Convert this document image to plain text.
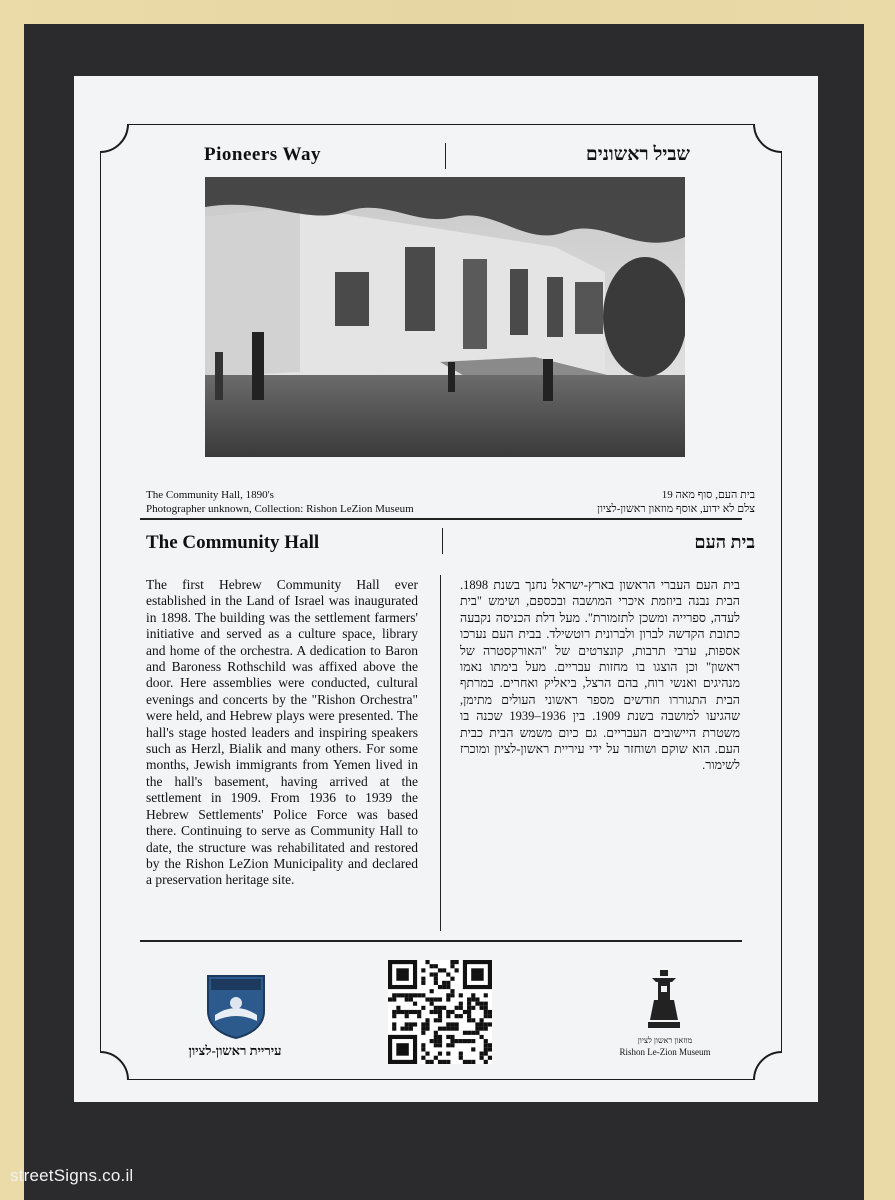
Pioneers Way	שביל ראשונים
The Community Hall, 1890's
Photographer unknown, Collection: Rishon LeZion Museum
בית העם, סוף מאה 19
צלם לא ידוע, אוסף מוזאון ראשון-לציון
The Community Hall	בית העם
The first Hebrew Community Hall ever established in the Land of Israel was inaugurated in 1898. The building was the settlement farmers' initiative and served as a culture space, library and home of the orchestra. A dedication to Baron and Baroness Rothschild was affixed above the door. Here assemblies were conducted, cultural evenings and concerts by the "Rishon Orchestra" were held, and Hebrew plays were presented. The hall's stage hosted leaders and inspiring speakers such as Herzl, Bialik and many others. For some months, Jewish immigrants from Yemen lived in the hall's basement, having arrived at the settlement in 1909. From 1936 to 1939 the Hebrew Settlements' Police Force was based there. Continuing to serve as Community Hall to date, the structure was rehabilitated and restored by the Rishon LeZion Municipality and declared a preservation heritage site.
בית העם העברי הראשון בארץ-ישראל נחנך בשנת 1898. הבית נבנה ביוזמת איכרי המושבה ובכספם, ושימש "בית לעדה, ספרייה ומשכן לתזמורת". מעל דלת הכניסה נקבעה כתובת הקדשה לברון ולברונית רוטשילד. בבית העם נערכו אספות, ערבי תרבות, קונצרטים של "האורקסטרה של ראשון" וכן הוצגו בו מחזות עבריים. מעל בימתו נאמו מנהיגים ואנשי רוח, בהם הרצל, ביאליק ואחרים. במרתף הבית התגוררו חודשים מספר ראשוני העולים מתימן, שהגיעו למושבה בשנת 1909. בין 1936–1939 שכנה בו משטרת היישובים העבריים. גם כיום משמש הבית כבית העם. הוא שוקם ושוחזר על ידי עיריית ראשון-לציון ומוכרז לשימור.
עיריית ראשון-לציון
מוזאון ראשון לציון
Rishon Le-Zion Museum
streetSigns.co.il
